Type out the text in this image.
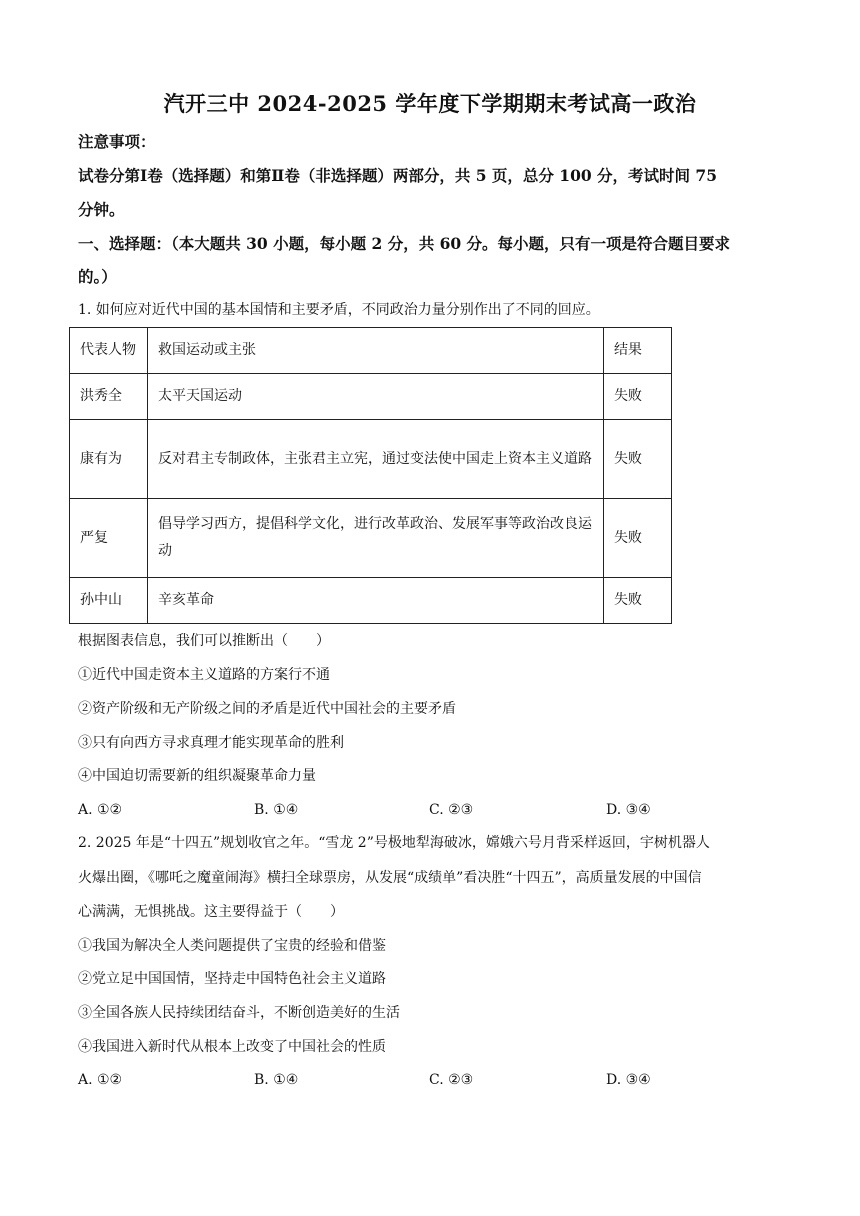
汽开三中 2024-2025 学年度下学期期末考试高一政治
注意事项：
试卷分第Ⅰ卷（选择题）和第Ⅱ卷（非选择题）两部分，共 5 页，总分 100 分，考试时间 75
分钟。
一、选择题：（本大题共 30 小题，每小题 2 分，共 60 分。每小题，只有一项是符合题目要求
的。）
1. 如何应对近代中国的基本国情和主要矛盾，不同政治力量分别作出了不同的回应。
代表人物	救国运动或主张	结果
洪秀全	太平天国运动	失败
康有为	反对君主专制政体，主张君主立宪，通过变法使中国走上资本主义道路	失败
严复	倡导学习西方，提倡科学文化，进行改革政治、发展军事等政治改良运动	失败
孙中山	辛亥革命	失败
根据图表信息，我们可以推断出（　　）
①近代中国走资本主义道路的方案行不通
②资产阶级和无产阶级之间的矛盾是近代中国社会的主要矛盾
③只有向西方寻求真理才能实现革命的胜利
④中国迫切需要新的组织凝聚革命力量
A. ①②	B. ①④	C. ②③	D. ③④
2. 2025 年是“十四五”规划收官之年。“雪龙 2”号极地犁海破冰，嫦娥六号月背采样返回，宇树机器人
火爆出圈，《哪吒之魔童闹海》横扫全球票房，从发展“成绩单”看决胜“十四五”，高质量发展的中国信
心满满，无惧挑战。这主要得益于（　　）
①我国为解决全人类问题提供了宝贵的经验和借鉴
②党立足中国国情，坚持走中国特色社会主义道路
③全国各族人民持续团结奋斗，不断创造美好的生活
④我国进入新时代从根本上改变了中国社会的性质
A. ①②	B. ①④	C. ②③	D. ③④
